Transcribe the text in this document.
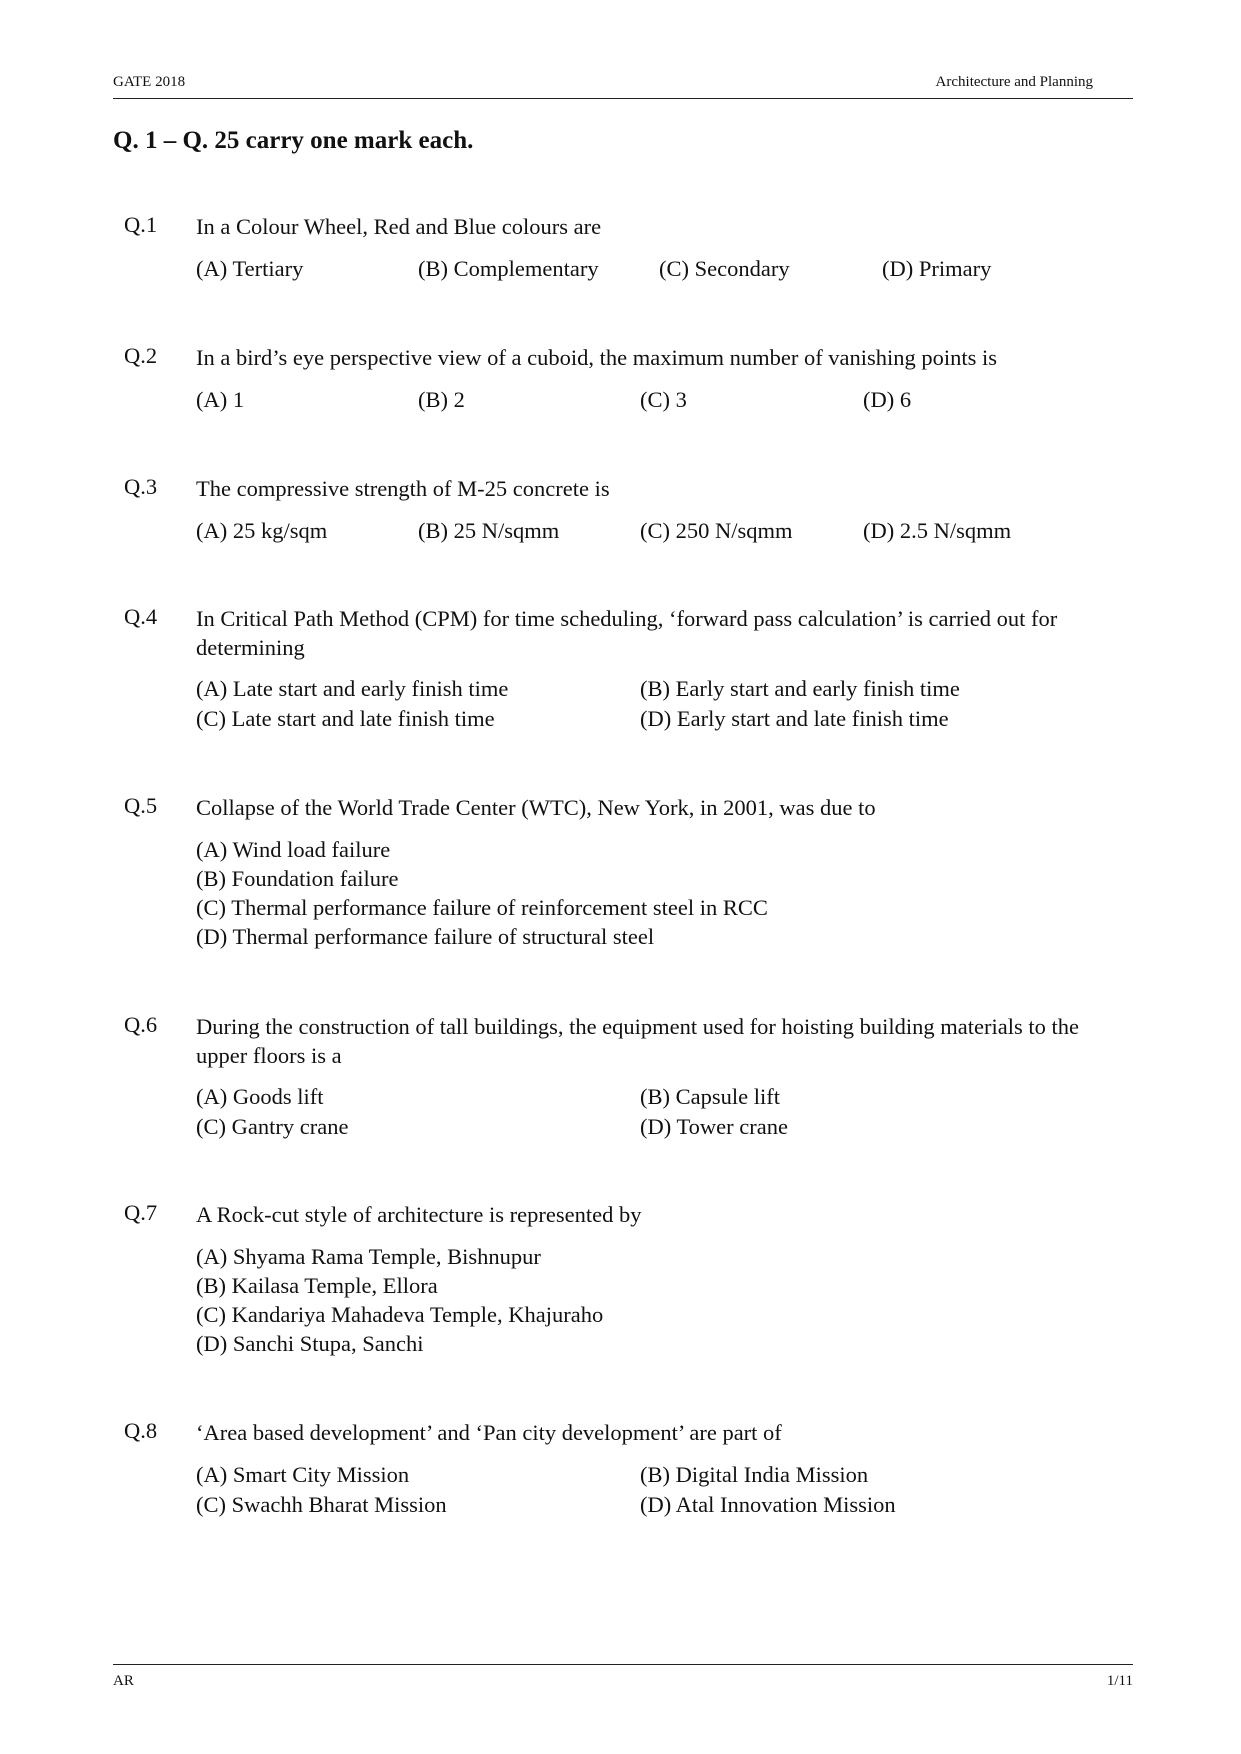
GATE 2018	Architecture and Planning
Q. 1 – Q. 25 carry one mark each.
Q.1 In a Colour Wheel, Red and Blue colours are
(A) Tertiary	(B) Complementary	(C) Secondary	(D) Primary
Q.2 In a bird’s eye perspective view of a cuboid, the maximum number of vanishing points is
(A) 1	(B) 2	(C) 3	(D) 6
Q.3 The compressive strength of M-25 concrete is
(A) 25 kg/sqm	(B) 25 N/sqmm	(C) 250 N/sqmm	(D) 2.5 N/sqmm
Q.4 In Critical Path Method (CPM) for time scheduling, ‘forward pass calculation’ is carried out for determining
(A) Late start and early finish time	(B) Early start and early finish time
(C) Late start and late finish time	(D) Early start and late finish time
Q.5 Collapse of the World Trade Center (WTC), New York, in 2001, was due to
(A) Wind load failure
(B) Foundation failure
(C) Thermal performance failure of reinforcement steel in RCC
(D) Thermal performance failure of structural steel
Q.6 During the construction of tall buildings, the equipment used for hoisting building materials to the upper floors is a
(A) Goods lift	(B) Capsule lift
(C) Gantry crane	(D) Tower crane
Q.7 A Rock-cut style of architecture is represented by
(A) Shyama Rama Temple, Bishnupur
(B) Kailasa Temple, Ellora
(C) Kandariya Mahadeva Temple, Khajuraho
(D) Sanchi Stupa, Sanchi
Q.8 ‘Area based development’ and ‘Pan city development’ are part of
(A) Smart City Mission	(B) Digital India Mission
(C) Swachh Bharat Mission	(D) Atal Innovation Mission
AR	1/11
